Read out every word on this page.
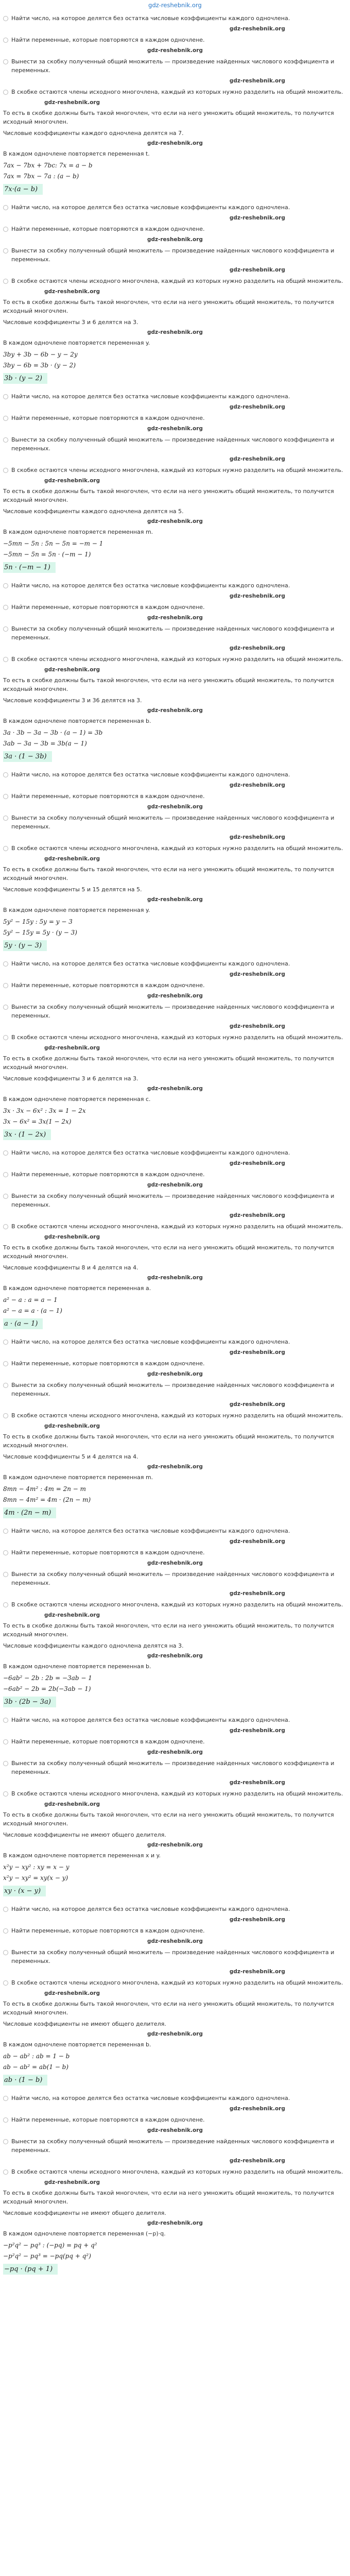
gdz-reshebnik.org
Найти число, на которое делятся без остатка числовые коэффициенты каждого одночлена.
gdz-reshebnik.org
Найти переменные, которые повторяются в каждом одночлене.
gdz-reshebnik.org
Вынести за скобку полученный общий множитель — произведение найденных числового коэффициента и переменных.
gdz-reshebnik.org
В скобке остаются члены исходного многочлена, каждый из которых нужно разделить на общий множитель.
gdz-reshebnik.org
То есть в скобке должны быть такой многочлен, что если на него умножить общий множитель, то получится исходный многочлен.
Числовые коэффициенты каждого одночлена делятся на 7.
gdz-reshebnik.org
В каждом одночлене повторяется переменная t.
7ax − 7bx + 7bc: 7x = a − b
7ax = 7bx − 7a : (a − b)
7x·(a − b)
Найти число, на которое делятся без остатка числовые коэффициенты каждого одночлена.
gdz-reshebnik.org
Найти переменные, которые повторяются в каждом одночлене.
gdz-reshebnik.org
Вынести за скобку полученный общий множитель — произведение найденных числового коэффициента и переменных.
gdz-reshebnik.org
В скобке остаются члены исходного многочлена, каждый из которых нужно разделить на общий множитель.
gdz-reshebnik.org
То есть в скобке должны быть такой многочлен, что если на него умножить общий множитель, то получится исходный многочлен.
Числовые коэффициенты 3 и 6 делятся на 3.
gdz-reshebnik.org
В каждом одночлене повторяется переменная y.
3by + 3b − 6b − y − 2y
3by − 6b = 3b · (y − 2)
3b · (y − 2)
Найти число, на которое делятся без остатка числовые коэффициенты каждого одночлена.
gdz-reshebnik.org
Найти переменные, которые повторяются в каждом одночлене.
gdz-reshebnik.org
Вынести за скобку полученный общий множитель — произведение найденных числового коэффициента и переменных.
gdz-reshebnik.org
В скобке остаются члены исходного многочлена, каждый из которых нужно разделить на общий множитель.
gdz-reshebnik.org
То есть в скобке должны быть такой многочлен, что если на него умножить общий множитель, то получится исходный многочлен.
Числовые коэффициенты каждого одночлена делятся на 5.
gdz-reshebnik.org
В каждом одночлене повторяется переменная m.
−5mn − 5n : 5n − 5n = −m − 1
−5mn − 5n = 5n · (−m − 1)
5n · (−m − 1)
Найти число, на которое делятся без остатка числовые коэффициенты каждого одночлена.
gdz-reshebnik.org
Найти переменные, которые повторяются в каждом одночлене.
gdz-reshebnik.org
Вынести за скобку полученный общий множитель — произведение найденных числового коэффициента и переменных.
gdz-reshebnik.org
В скобке остаются члены исходного многочлена, каждый из которых нужно разделить на общий множитель.
gdz-reshebnik.org
То есть в скобке должны быть такой многочлен, что если на него умножить общий множитель, то получится исходный многочлен.
Числовые коэффициенты 3 и 36 делятся на 3.
gdz-reshebnik.org
В каждом одночлене повторяется переменная b.
3a · 3b − 3a − 3b · (a − 1) = 3b
3ab − 3a − 3b = 3b(a − 1)
3a · (1 − 3b)
Найти число, на которое делятся без остатка числовые коэффициенты каждого одночлена.
gdz-reshebnik.org
Найти переменные, которые повторяются в каждом одночлене.
gdz-reshebnik.org
Вынести за скобку полученный общий множитель — произведение найденных числового коэффициента и переменных.
gdz-reshebnik.org
В скобке остаются члены исходного многочлена, каждый из которых нужно разделить на общий множитель.
gdz-reshebnik.org
То есть в скобке должны быть такой многочлен, что если на него умножить общий множитель, то получится исходный многочлен.
Числовые коэффициенты 5 и 15 делятся на 5.
gdz-reshebnik.org
В каждом одночлене повторяется переменная y.
5y² − 15y : 5y = y − 3
5y² − 15y = 5y · (y − 3)
5y · (y − 3)
Найти число, на которое делятся без остатка числовые коэффициенты каждого одночлена.
gdz-reshebnik.org
Найти переменные, которые повторяются в каждом одночлене.
gdz-reshebnik.org
Вынести за скобку полученный общий множитель — произведение найденных числового коэффициента и переменных.
gdz-reshebnik.org
В скобке остаются члены исходного многочлена, каждый из которых нужно разделить на общий множитель.
gdz-reshebnik.org
То есть в скобке должны быть такой многочлен, что если на него умножить общий множитель, то получится исходный многочлен.
Числовые коэффициенты 3 и 6 делятся на 3.
gdz-reshebnik.org
В каждом одночлене повторяется переменная c.
3x · 3x − 6x² : 3x = 1 − 2x
3x − 6x² = 3x(1 − 2x)
3x · (1 − 2x)
Найти число, на которое делятся без остатка числовые коэффициенты каждого одночлена.
gdz-reshebnik.org
Найти переменные, которые повторяются в каждом одночлене.
gdz-reshebnik.org
Вынести за скобку полученный общий множитель — произведение найденных числового коэффициента и переменных.
gdz-reshebnik.org
В скобке остаются члены исходного многочлена, каждый из которых нужно разделить на общий множитель.
gdz-reshebnik.org
То есть в скобке должны быть такой многочлен, что если на него умножить общий множитель, то получится исходный многочлен.
Числовые коэффициенты 8 и 4 делятся на 4.
gdz-reshebnik.org
В каждом одночлене повторяется переменная a.
a² − a : a = a − 1
a² − a = a · (a − 1)
a · (a − 1)
Найти число, на которое делятся без остатка числовые коэффициенты каждого одночлена.
gdz-reshebnik.org
Найти переменные, которые повторяются в каждом одночлене.
gdz-reshebnik.org
Вынести за скобку полученный общий множитель — произведение найденных числового коэффициента и переменных.
gdz-reshebnik.org
В скобке остаются члены исходного многочлена, каждый из которых нужно разделить на общий множитель.
gdz-reshebnik.org
То есть в скобке должны быть такой многочлен, что если на него умножить общий множитель, то получится исходный многочлен.
Числовые коэффициенты 5 и 4 делятся на 4.
gdz-reshebnik.org
В каждом одночлене повторяется переменная m.
8mn − 4m² : 4m = 2n − m
8mn − 4m² = 4m · (2n − m)
4m · (2n − m)
Найти число, на которое делятся без остатка числовые коэффициенты каждого одночлена.
gdz-reshebnik.org
Найти переменные, которые повторяются в каждом одночлене.
gdz-reshebnik.org
Вынести за скобку полученный общий множитель — произведение найденных числового коэффициента и переменных.
gdz-reshebnik.org
В скобке остаются члены исходного многочлена, каждый из которых нужно разделить на общий множитель.
gdz-reshebnik.org
То есть в скобке должны быть такой многочлен, что если на него умножить общий множитель, то получится исходный многочлен.
Числовые коэффициенты каждого одночлена делятся на 3.
gdz-reshebnik.org
В каждом одночлене повторяется переменная b.
−6ab² − 2b : 2b = −3ab − 1
−6ab² − 2b = 2b(−3ab − 1)
3b · (2b − 3a)
Найти число, на которое делятся без остатка числовые коэффициенты каждого одночлена.
gdz-reshebnik.org
Найти переменные, которые повторяются в каждом одночлене.
gdz-reshebnik.org
Вынести за скобку полученный общий множитель — произведение найденных числового коэффициента и переменных.
gdz-reshebnik.org
В скобке остаются члены исходного многочлена, каждый из которых нужно разделить на общий множитель.
gdz-reshebnik.org
То есть в скобке должны быть такой многочлен, что если на него умножить общий множитель, то получится исходный многочлен.
Числовые коэффициенты не имеют общего делителя.
gdz-reshebnik.org
В каждом одночлене повторяется переменная x и y.
x²y − xy² : xy = x − y
x²y − xy² = xy(x − y)
xy · (x − y)
Найти число, на которое делятся без остатка числовые коэффициенты каждого одночлена.
gdz-reshebnik.org
Найти переменные, которые повторяются в каждом одночлене.
gdz-reshebnik.org
Вынести за скобку полученный общий множитель — произведение найденных числового коэффициента и переменных.
gdz-reshebnik.org
В скобке остаются члены исходного многочлена, каждый из которых нужно разделить на общий множитель.
gdz-reshebnik.org
То есть в скобке должны быть такой многочлен, что если на него умножить общий множитель, то получится исходный многочлен.
Числовые коэффициенты не имеют общего делителя.
gdz-reshebnik.org
В каждом одночлене повторяется переменная b.
ab − ab² : ab = 1 − b
ab − ab² = ab(1 − b)
ab · (1 − b)
Найти число, на которое делятся без остатка числовые коэффициенты каждого одночлена.
gdz-reshebnik.org
Найти переменные, которые повторяются в каждом одночлене.
gdz-reshebnik.org
Вынести за скобку полученный общий множитель — произведение найденных числового коэффициента и переменных.
gdz-reshebnik.org
В скобке остаются члены исходного многочлена, каждый из которых нужно разделить на общий множитель.
gdz-reshebnik.org
То есть в скобке должны быть такой многочлен, что если на него умножить общий множитель, то получится исходный многочлен.
Числовые коэффициенты не имеют общего делителя.
gdz-reshebnik.org
В каждом одночлене повторяется переменная (−p)·q.
−p²q² − pq³ : (−pq) = pq + q²
−p²q² − pq³ = −pq(pq + q²)
−pq · (pq + 1)
